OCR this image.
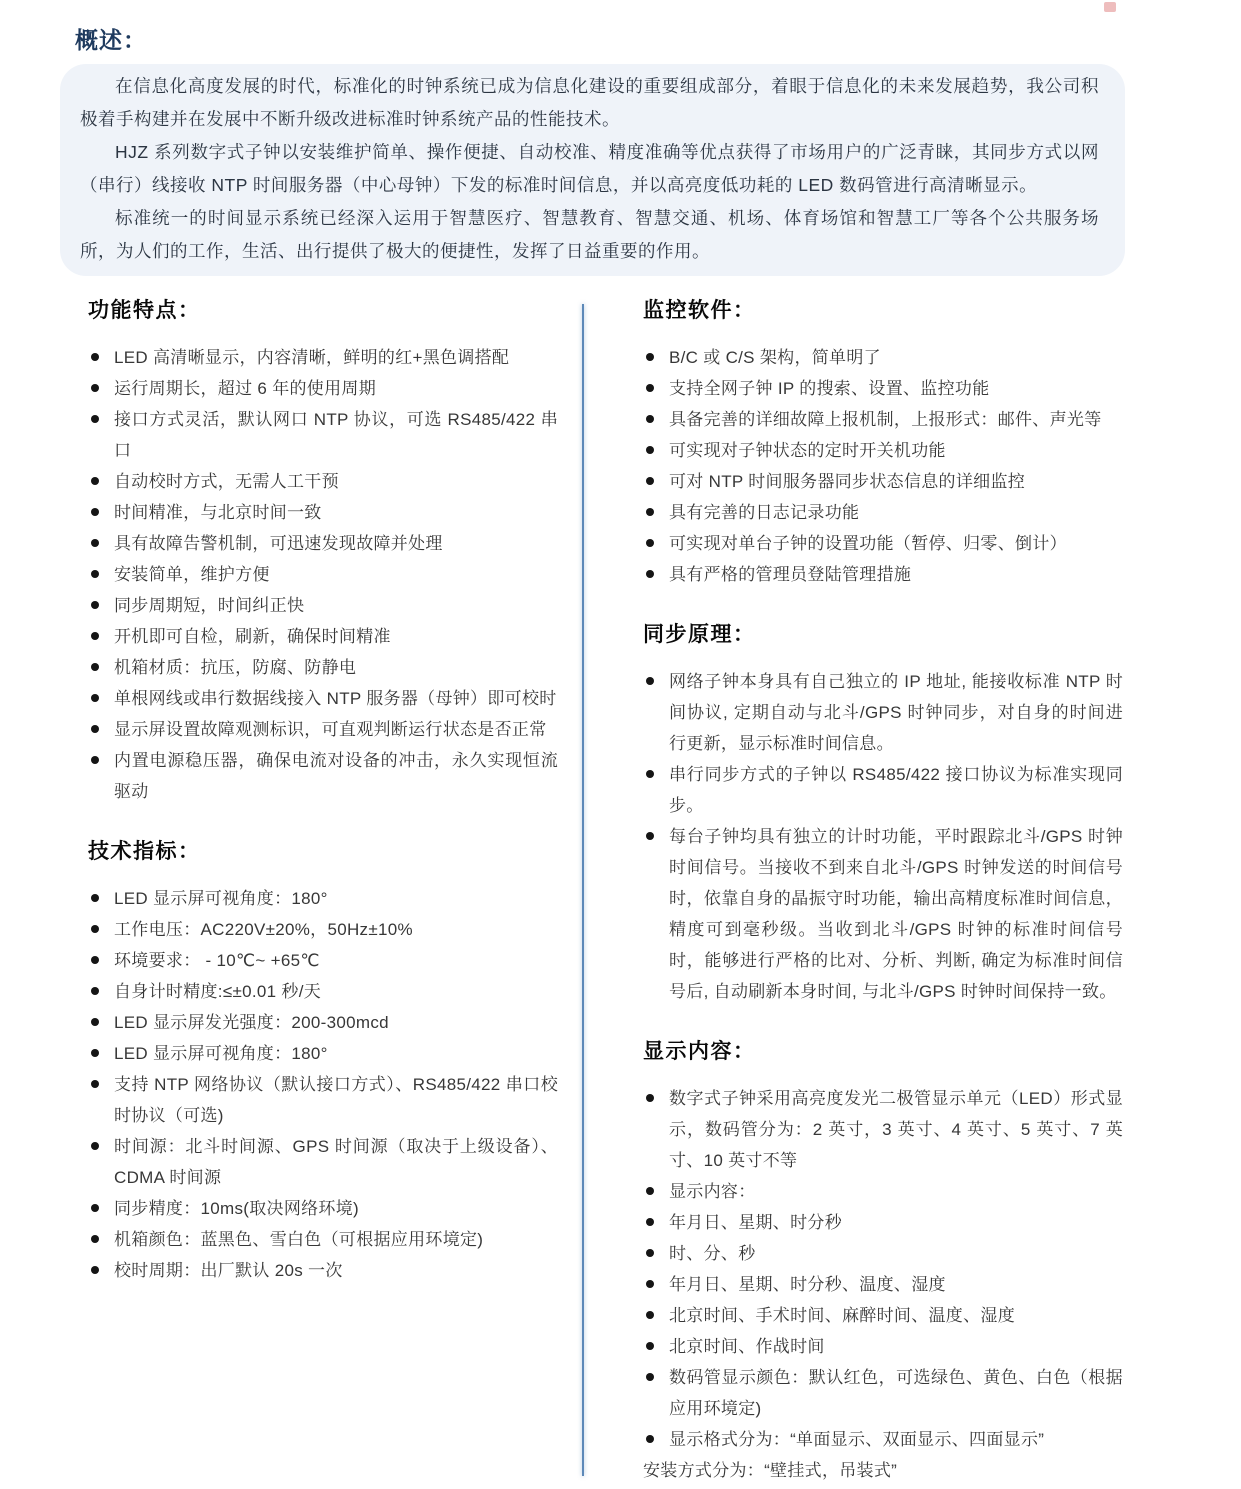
概述：

在信息化高度发展的时代，标准化的时钟系统已成为信息化建设的重要组成部分，着眼于信息化的未来发展趋势，我公司积极着手构建并在发展中不断升级改进标准时钟系统产品的性能技术。

HJZ 系列数字式子钟以安装维护简单、操作便捷、自动校准、精度准确等优点获得了市场用户的广泛青睐，其同步方式以网（串行）线接收 NTP 时间服务器（中心母钟）下发的标准时间信息，并以高亮度低功耗的 LED 数码管进行高清晰显示。

标准统一的时间显示系统已经深入运用于智慧医疗、智慧教育、智慧交通、机场、体育场馆和智慧工厂等各个公共服务场所，为人们的工作，生活、出行提供了极大的便捷性，发挥了日益重要的作用。

功能特点：
LED 高清晰显示，内容清晰，鲜明的红+黑色调搭配
运行周期长，超过 6 年的使用周期
接口方式灵活，默认网口 NTP 协议，可选 RS485/422 串口
自动校时方式，无需人工干预
时间精准，与北京时间一致
具有故障告警机制，可迅速发现故障并处理
安装简单，维护方便
同步周期短，时间纠正快
开机即可自检，刷新，确保时间精准
机箱材质：抗压，防腐、防静电
单根网线或串行数据线接入 NTP 服务器（母钟）即可校时
显示屏设置故障观测标识，可直观判断运行状态是否正常
内置电源稳压器，确保电流对设备的冲击，永久实现恒流驱动
技术指标：
LED 显示屏可视角度：180°
工作电压：AC220V±20%，50Hz±10%
环境要求： - 10℃~ +65℃
自身计时精度:≤±0.01 秒/天
LED 显示屏发光强度：200-300mcd
LED 显示屏可视角度：180°
支持 NTP 网络协议（默认接口方式）、RS485/422 串口校时协议（可选)
时间源：北斗时间源、GPS 时间源（取决于上级设备）、CDMA 时间源
同步精度：10ms(取决网络环境)
机箱颜色：蓝黑色、雪白色（可根据应用环境定)
校时周期：出厂默认 20s 一次
监控软件：
B/C 或 C/S 架构，简单明了
支持全网子钟 IP 的搜索、设置、监控功能
具备完善的详细故障上报机制，上报形式：邮件、声光等
可实现对子钟状态的定时开关机功能
可对 NTP 时间服务器同步状态信息的详细监控
具有完善的日志记录功能
可实现对单台子钟的设置功能（暂停、归零、倒计）
具有严格的管理员登陆管理措施
同步原理：
网络子钟本身具有自己独立的 IP 地址, 能接收标准 NTP 时间协议, 定期自动与北斗/GPS 时钟同步，对自身的时间进行更新，显示标准时间信息。
串行同步方式的子钟以 RS485/422 接口协议为标准实现同步。
每台子钟均具有独立的计时功能，平时跟踪北斗/GPS 时钟时间信号。当接收不到来自北斗/GPS 时钟发送的时间信号时，依靠自身的晶振守时功能，输出高精度标准时间信息，精度可到毫秒级。当收到北斗/GPS 时钟的标准时间信号时，能够进行严格的比对、分析、判断, 确定为标准时间信号后, 自动刷新本身时间, 与北斗/GPS 时钟时间保持一致。
显示内容：
数字式子钟采用高亮度发光二极管显示单元（LED）形式显示，数码管分为：2 英寸，3 英寸、4 英寸、5 英寸、7 英寸、10 英寸不等
显示内容：
年月日、星期、时分秒
时、分、秒
年月日、星期、时分秒、温度、湿度
北京时间、手术时间、麻醉时间、温度、湿度
北京时间、作战时间
数码管显示颜色：默认红色，可选绿色、黄色、白色（根据应用环境定)
显示格式分为：“单面显示、双面显示、四面显示”
安装方式分为：“壁挂式，吊装式”
